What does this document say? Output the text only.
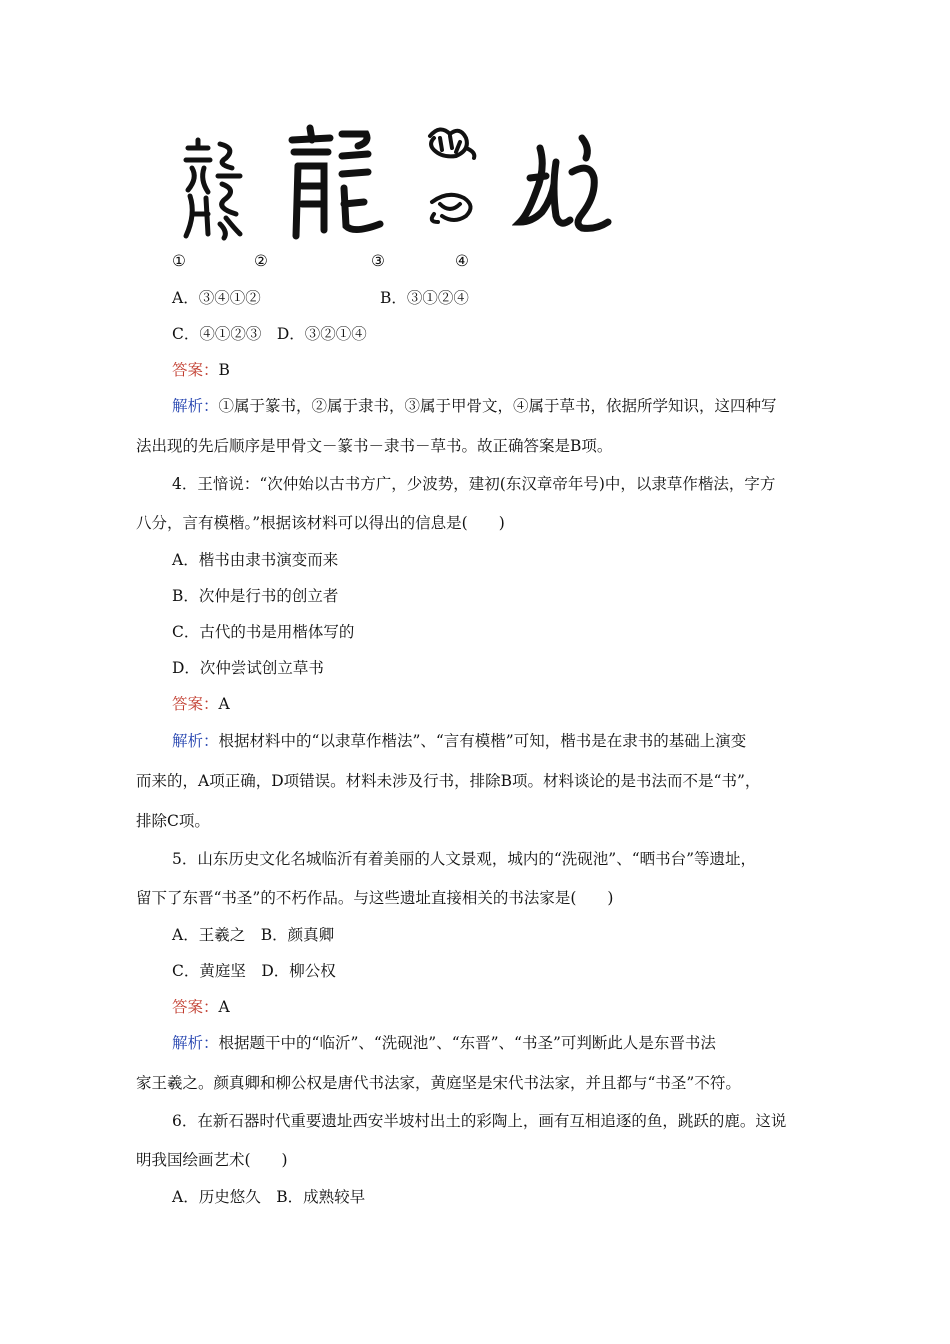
①	②	③	④
A．③④①②	B．③①②④
C．④①②③　D．③②①④
答案：B
解析：①属于篆书，②属于隶书，③属于甲骨文，④属于草书，依据所学知识，这四种写
法出现的先后顺序是甲骨文－篆书－隶书－草书。故正确答案是B项。
4．王愔说：“次仲始以古书方广，少波势，建初(东汉章帝年号)中，以隶草作楷法，字方
八分，言有模楷。”根据该材料可以得出的信息是(　　)
A．楷书由隶书演变而来
B．次仲是行书的创立者
C．古代的书是用楷体写的
D．次仲尝试创立草书
答案：A
解析：根据材料中的“以隶草作楷法”、“言有模楷”可知，楷书是在隶书的基础上演变
而来的，A项正确，D项错误。材料未涉及行书，排除B项。材料谈论的是书法而不是“书”，
排除C项。
5．山东历史文化名城临沂有着美丽的人文景观，城内的“洗砚池”、“晒书台”等遗址，
留下了东晋“书圣”的不朽作品。与这些遗址直接相关的书法家是(　　)
A．王羲之　B．颜真卿
C．黄庭坚　D．柳公权
答案：A
解析：根据题干中的“临沂”、“洗砚池”、“东晋”、“书圣”可判断此人是东晋书法
家王羲之。颜真卿和柳公权是唐代书法家，黄庭坚是宋代书法家，并且都与“书圣”不符。
6．在新石器时代重要遗址西安半坡村出土的彩陶上，画有互相追逐的鱼，跳跃的鹿。这说
明我国绘画艺术(　　)
A．历史悠久　B．成熟较早
